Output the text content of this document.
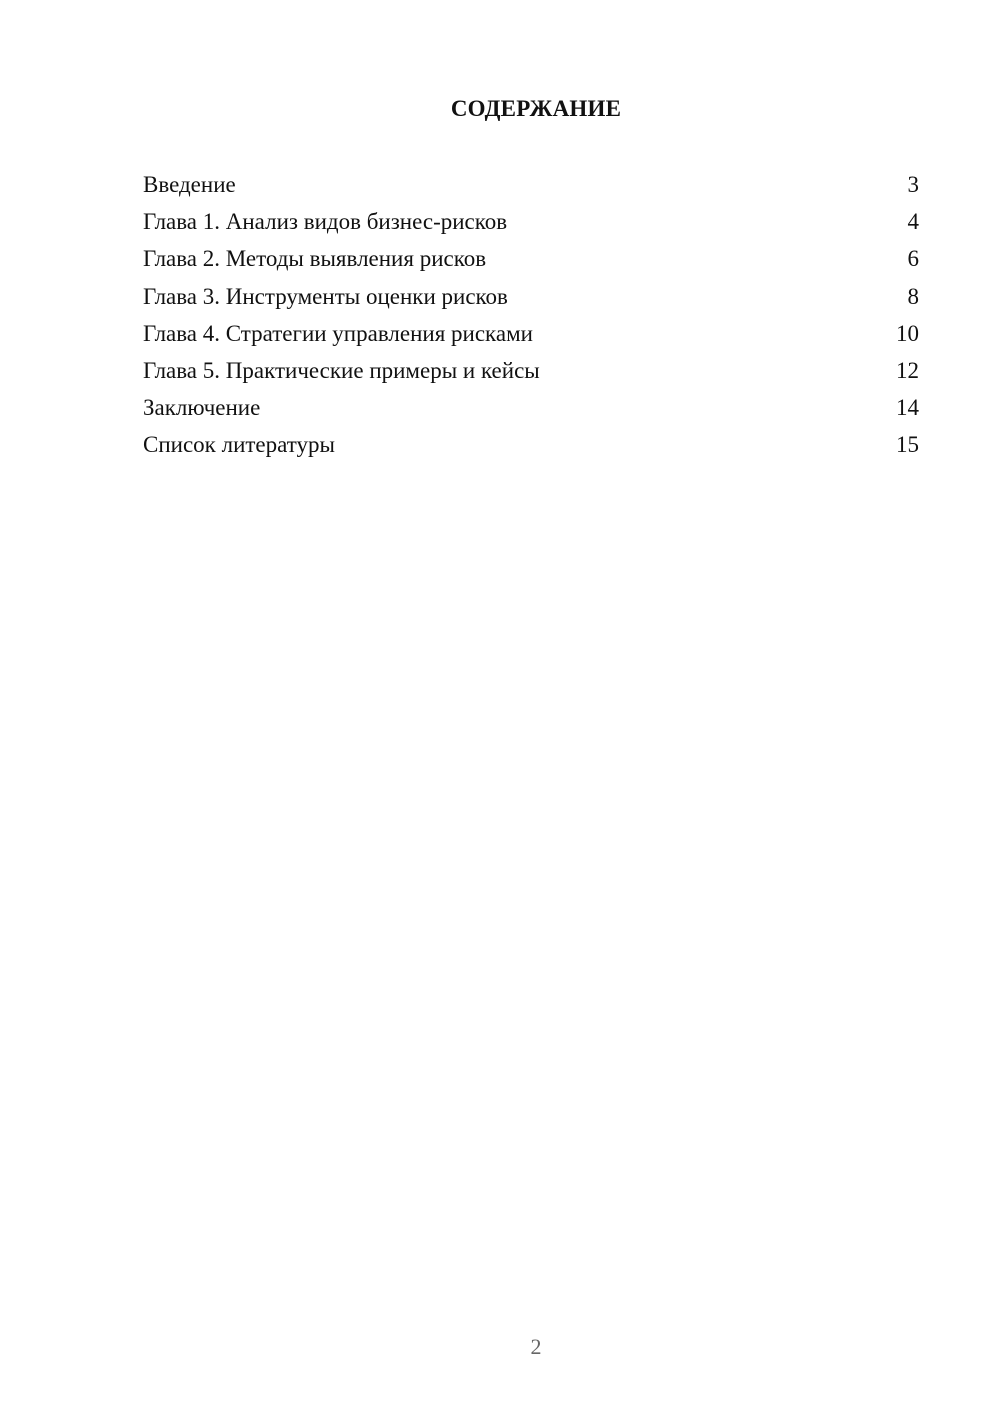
СОДЕРЖАНИЕ
Введение	3
Глава 1. Анализ видов бизнес-рисков	4
Глава 2. Методы выявления рисков	6
Глава 3. Инструменты оценки рисков	8
Глава 4. Стратегии управления рисками	10
Глава 5. Практические примеры и кейсы	12
Заключение	14
Список литературы	15
2
